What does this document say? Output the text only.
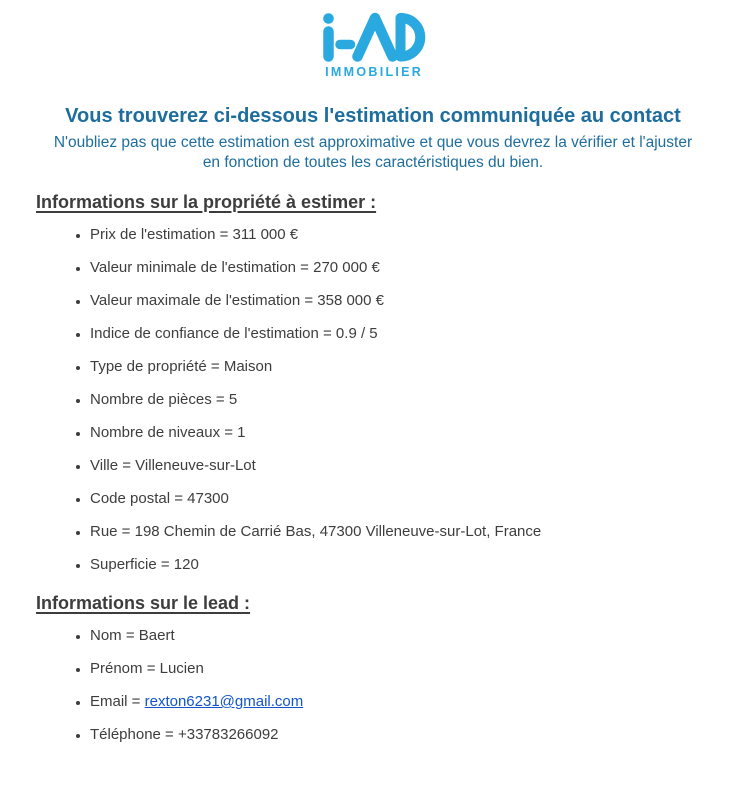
IMMOBILIER
Vous trouverez ci-dessous l'estimation communiquée au contact

N'oubliez pas que cette estimation est approximative et que vous devrez la vérifier et l'ajuster
en fonction de toutes les caractéristiques du bien.

Informations sur la propriété à estimer :
• Prix de l'estimation = 311 000 €
• Valeur minimale de l'estimation = 270 000 €
• Valeur maximale de l'estimation = 358 000 €
• Indice de confiance de l'estimation = 0.9 / 5
• Type de propriété = Maison
• Nombre de pièces = 5
• Nombre de niveaux = 1
• Ville = Villeneuve-sur-Lot
• Code postal = 47300
• Rue = 198 Chemin de Carrié Bas, 47300 Villeneuve-sur-Lot, France
• Superficie = 120
Informations sur le lead :
• Nom = Baert
• Prénom = Lucien
• Email = rexton6231@gmail.com
• Téléphone = +33783266092
